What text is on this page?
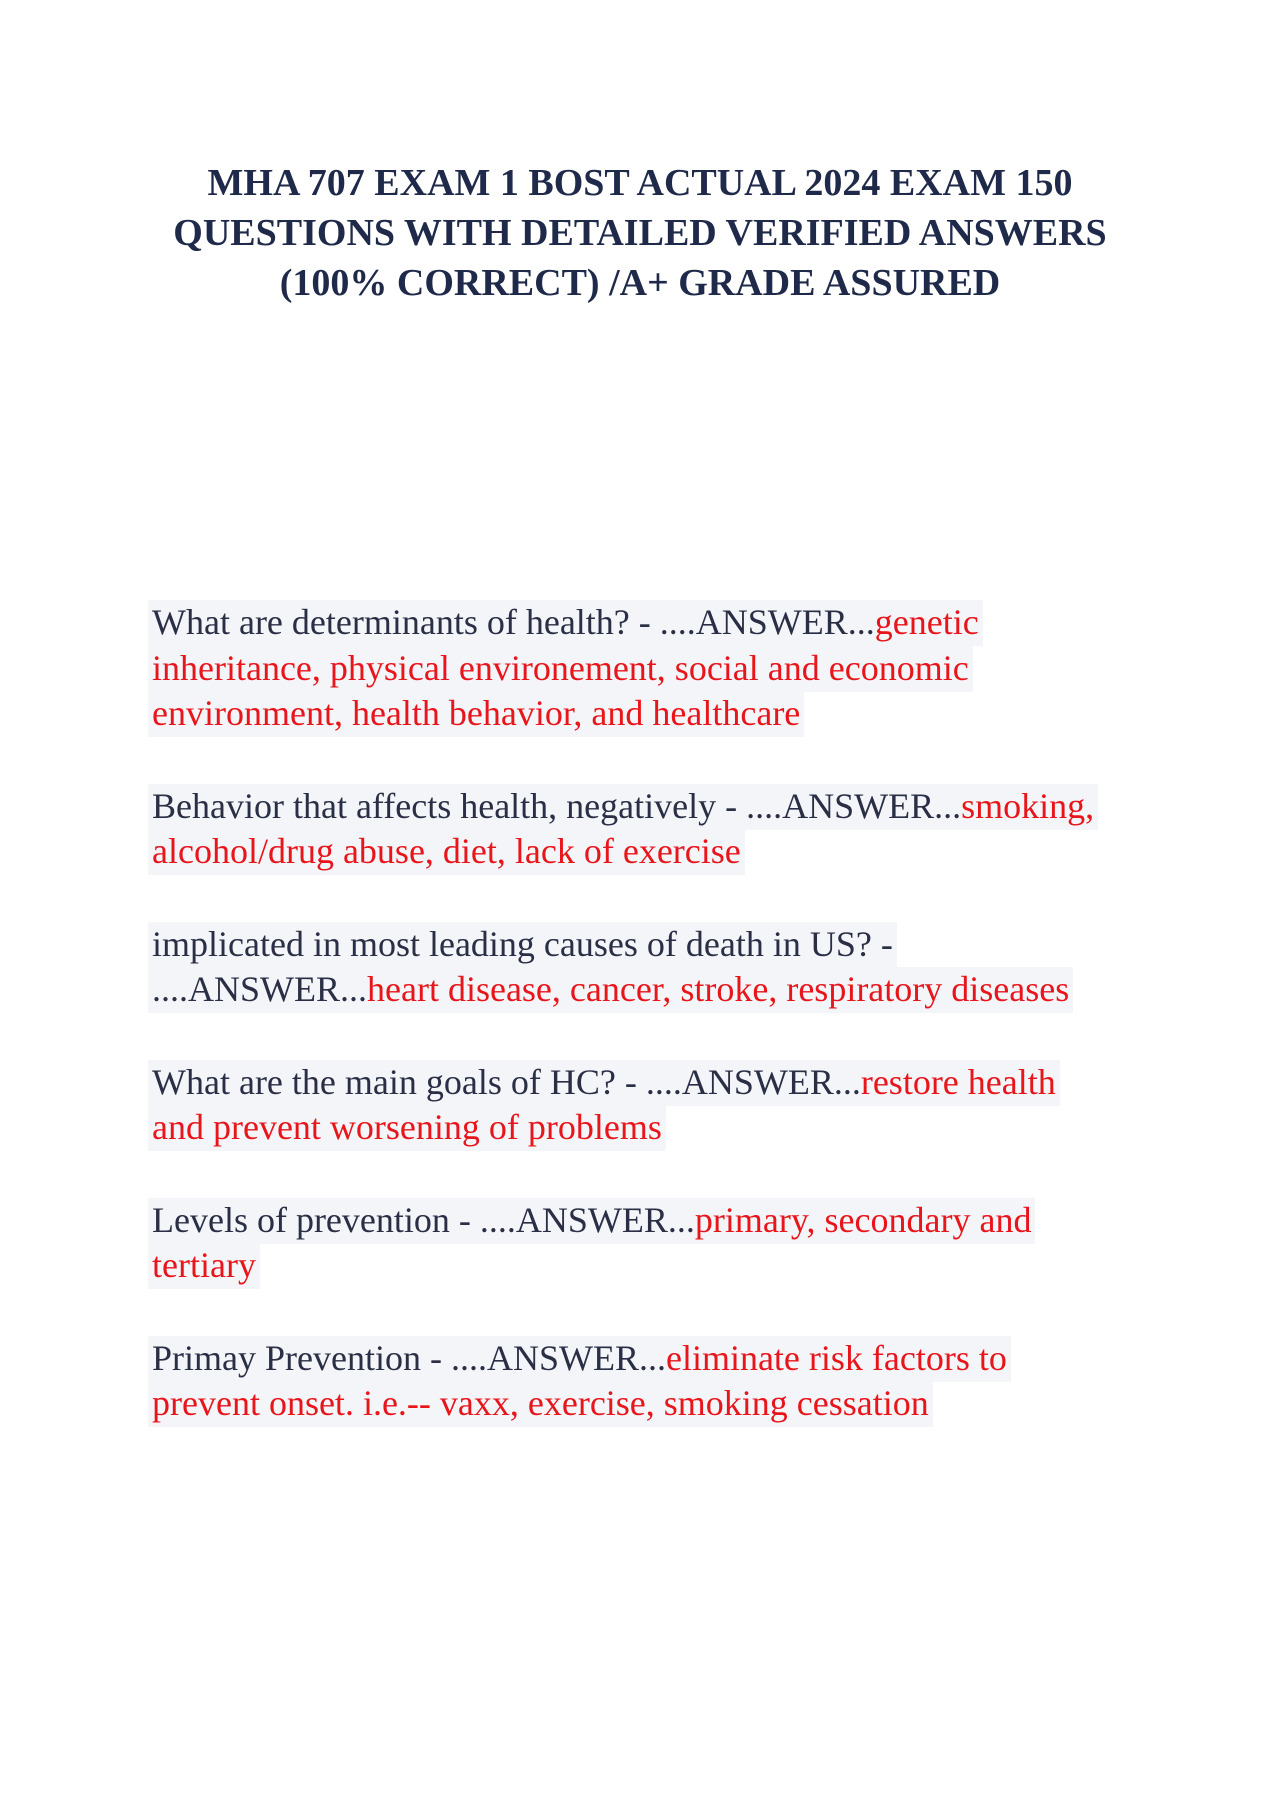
MHA 707 EXAM 1 BOST ACTUAL 2024 EXAM 150 QUESTIONS WITH DETAILED VERIFIED ANSWERS (100% CORRECT) /A+ GRADE ASSURED
What are determinants of health? - ....ANSWER...genetic inheritance, physical environement, social and economic environment, health behavior, and healthcare
Behavior that affects health, negatively - ....ANSWER...smoking, alcohol/drug abuse, diet, lack of exercise
implicated in most leading causes of death in US? - ....ANSWER...heart disease, cancer, stroke, respiratory diseases
What are the main goals of HC? - ....ANSWER...restore health and prevent worsening of problems
Levels of prevention - ....ANSWER...primary, secondary and tertiary
Primay Prevention - ....ANSWER...eliminate risk factors to prevent onset. i.e.-- vaxx, exercise, smoking cessation
